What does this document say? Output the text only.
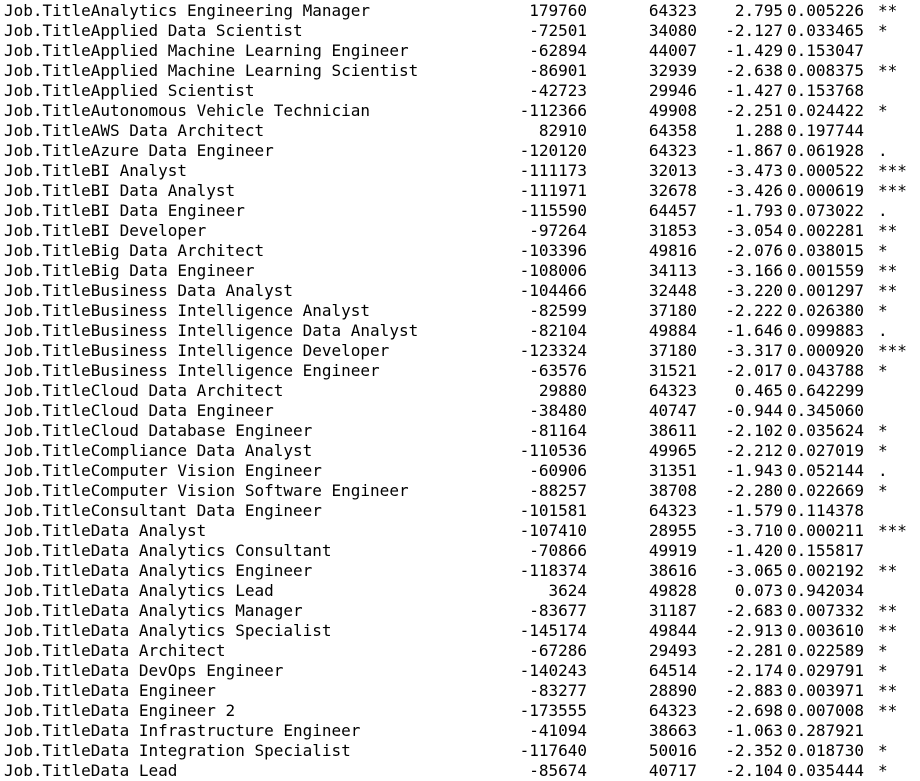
Job.TitleAnalytics Engineering Manager	179760	64323 2.795 0.005226 **
Job.TitleApplied Data Scientist	-72501	34080 -2.127 0.033465 *
Job.TitleApplied Machine Learning Engineer	-62894	44007 -1.429 0.153047
Job.TitleApplied Machine Learning Scientist	-86901	32939 -2.638 0.008375 **
Job.TitleApplied Scientist	-42723	29946 -1.427 0.153768
Job.TitleAutonomous Vehicle Technician	-112366	49908 -2.251 0.024422 *
Job.TitleAWS Data Architect	82910	64358 1.288 0.197744
Job.TitleAzure Data Engineer	-120120	64323 -1.867 0.061928 .
Job.TitleBI Analyst	-111173	32013 -3.473 0.000522 ***
Job.TitleBI Data Analyst	-111971	32678 -3.426 0.000619 ***
Job.TitleBI Data Engineer	-115590	64457 -1.793 0.073022 .
Job.TitleBI Developer	-97264	31853 -3.054 0.002281 **
Job.TitleBig Data Architect	-103396	49816 -2.076 0.038015 *
Job.TitleBig Data Engineer	-108006	34113 -3.166 0.001559 **
Job.TitleBusiness Data Analyst	-104466	32448 -3.220 0.001297 **
Job.TitleBusiness Intelligence Analyst	-82599	37180 -2.222 0.026380 *
Job.TitleBusiness Intelligence Data Analyst	-82104	49884 -1.646 0.099883 .
Job.TitleBusiness Intelligence Developer	-123324	37180 -3.317 0.000920 ***
Job.TitleBusiness Intelligence Engineer	-63576	31521 -2.017 0.043788 *
Job.TitleCloud Data Architect	29880	64323 0.465 0.642299
Job.TitleCloud Data Engineer	-38480	40747 -0.944 0.345060
Job.TitleCloud Database Engineer	-81164	38611 -2.102 0.035624 *
Job.TitleCompliance Data Analyst	-110536	49965 -2.212 0.027019 *
Job.TitleComputer Vision Engineer	-60906	31351 -1.943 0.052144 .
Job.TitleComputer Vision Software Engineer	-88257	38708 -2.280 0.022669 *
Job.TitleConsultant Data Engineer	-101581	64323 -1.579 0.114378
Job.TitleData Analyst	-107410	28955 -3.710 0.000211 ***
Job.TitleData Analytics Consultant	-70866	49919 -1.420 0.155817
Job.TitleData Analytics Engineer	-118374	38616 -3.065 0.002192 **
Job.TitleData Analytics Lead	3624	49828 0.073 0.942034
Job.TitleData Analytics Manager	-83677	31187 -2.683 0.007332 **
Job.TitleData Analytics Specialist	-145174	49844 -2.913 0.003610 **
Job.TitleData Architect	-67286	29493 -2.281 0.022589 *
Job.TitleData DevOps Engineer	-140243	64514 -2.174 0.029791 *
Job.TitleData Engineer	-83277	28890 -2.883 0.003971 **
Job.TitleData Engineer 2	-173555	64323 -2.698 0.007008 **
Job.TitleData Infrastructure Engineer	-41094	38663 -1.063 0.287921
Job.TitleData Integration Specialist	-117640	50016 -2.352 0.018730 *
Job.TitleData Lead	-85674	40717 -2.104 0.035444 *
